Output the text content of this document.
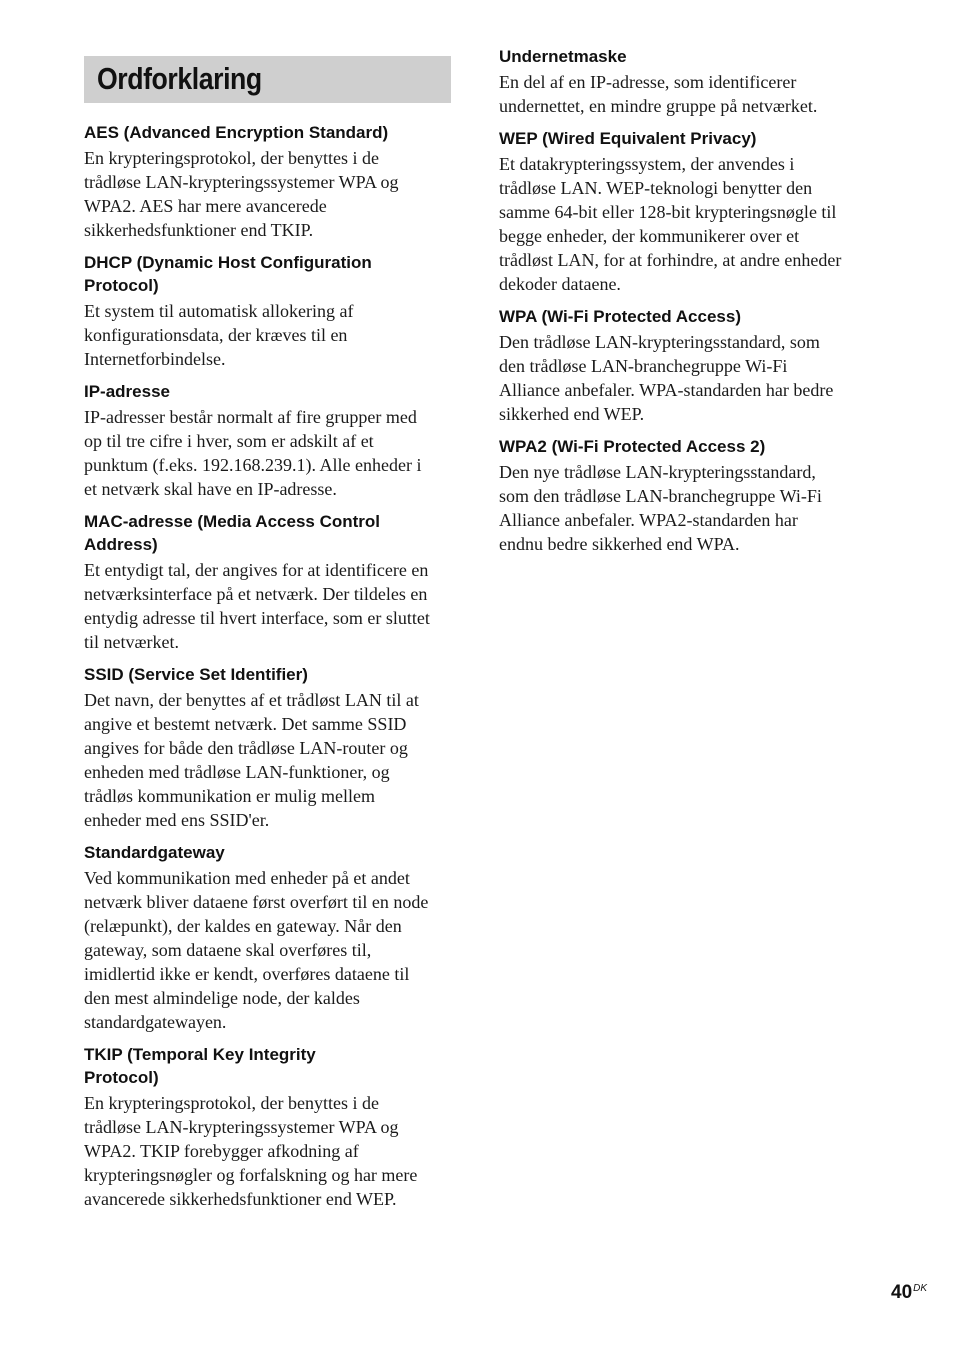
Ordforklaring
AES (Advanced Encryption Standard)
En krypteringsprotokol, der benyttes i de
trådløse LAN-krypteringssystemer WPA og
WPA2. AES har mere avancerede
sikkerhedsfunktioner end TKIP.
DHCP (Dynamic Host Configuration
Protocol)
Et system til automatisk allokering af
konfigurationsdata, der kræves til en
Internetforbindelse.
IP-adresse
IP-adresser består normalt af fire grupper med
op til tre cifre i hver, som er adskilt af et
punktum (f.eks. 192.168.239.1). Alle enheder i
et netværk skal have en IP-adresse.
MAC-adresse (Media Access Control
Address)
Et entydigt tal, der angives for at identificere en
netværksinterface på et netværk. Der tildeles en
entydig adresse til hvert interface, som er sluttet
til netværket.
SSID (Service Set Identifier)
Det navn, der benyttes af et trådløst LAN til at
angive et bestemt netværk. Det samme SSID
angives for både den trådløse LAN-router og
enheden med trådløse LAN-funktioner, og
trådløs kommunikation er mulig mellem
enheder med ens SSID'er.
Standardgateway
Ved kommunikation med enheder på et andet
netværk bliver dataene først overført til en node
(relæpunkt), der kaldes en gateway. Når den
gateway, som dataene skal overføres til,
imidlertid ikke er kendt, overføres dataene til
den mest almindelige node, der kaldes
standardgatewayen.
TKIP (Temporal Key Integrity
Protocol)
En krypteringsprotokol, der benyttes i de
trådløse LAN-krypteringssystemer WPA og
WPA2. TKIP forebygger afkodning af
krypteringsnøgler og forfalskning og har mere
avancerede sikkerhedsfunktioner end WEP.
Undernetmaske
En del af en IP-adresse, som identificerer
undernettet, en mindre gruppe på netværket.
WEP (Wired Equivalent Privacy)
Et datakrypteringssystem, der anvendes i
trådløse LAN. WEP-teknologi benytter den
samme 64-bit eller 128-bit krypteringsnøgle til
begge enheder, der kommunikerer over et
trådløst LAN, for at forhindre, at andre enheder
dekoder dataene.
WPA (Wi-Fi Protected Access)
Den trådløse LAN-krypteringsstandard, som
den trådløse LAN-branchegruppe Wi-Fi
Alliance anbefaler. WPA-standarden har bedre
sikkerhed end WEP.
WPA2 (Wi-Fi Protected Access 2)
Den nye trådløse LAN-krypteringsstandard,
som den trådløse LAN-branchegruppe Wi-Fi
Alliance anbefaler. WPA2-standarden har
endnu bedre sikkerhed end WPA.
$40^{DK}$
